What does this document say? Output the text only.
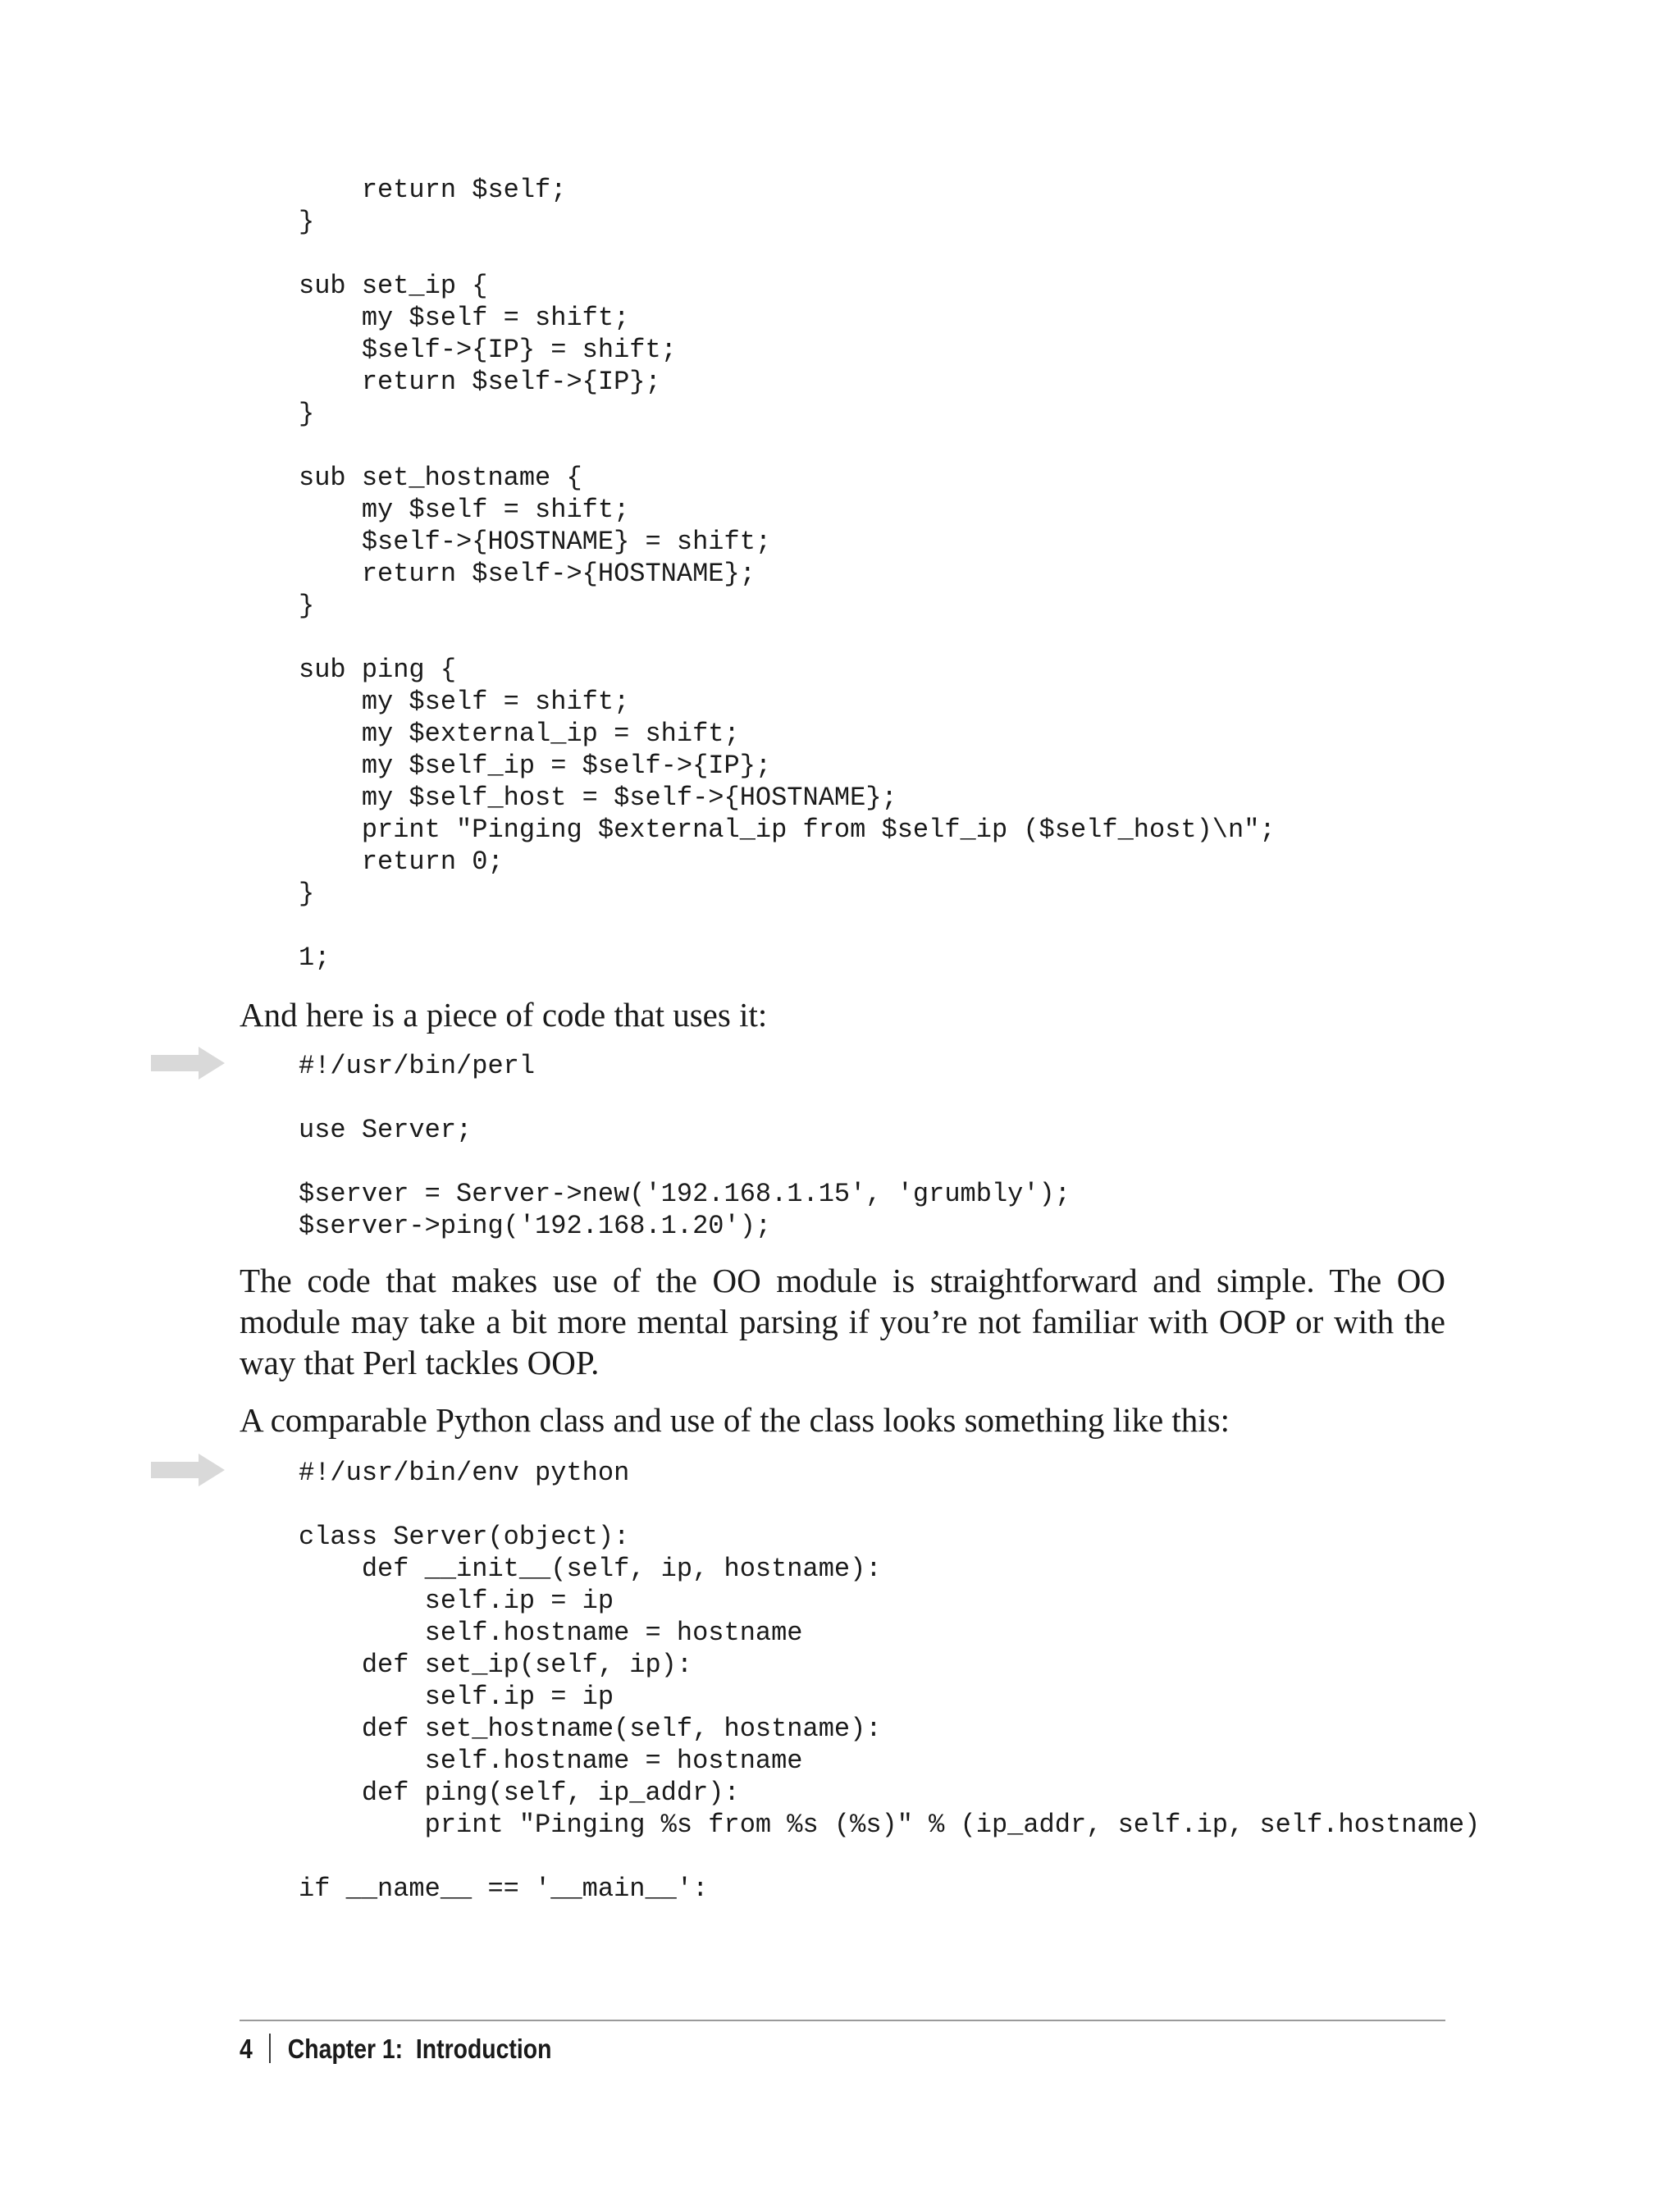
return $self;
}

sub set_ip {
my $self = shift;
$self->{IP} = shift;
return $self->{IP};
}

sub set_hostname {
my $self = shift;
$self->{HOSTNAME} = shift;
return $self->{HOSTNAME};
}

sub ping {
my $self = shift;
my $external_ip = shift;
my $self_ip = $self->{IP};
my $self_host = $self->{HOSTNAME};
print "Pinging $external_ip from $self_ip ($self_host)\n";
return 0;
}

1;

And here is a piece of code that uses it:

#!/usr/bin/perl

use Server;

$server = Server->new('192.168.1.15', 'grumbly');
$server->ping('192.168.1.20');

The code that makes use of the OO module is straightforward and simple. The OO module may take a bit more mental parsing if you’re not familiar with OOP or with the way that Perl tackles OOP.

A comparable Python class and use of the class looks something like this:

#!/usr/bin/env python

class Server(object):
def __init__(self, ip, hostname):
self.ip = ip
self.hostname = hostname
def set_ip(self, ip):
self.ip = ip
def set_hostname(self, hostname):
self.hostname = hostname
def ping(self, ip_addr):
print "Pinging %s from %s (%s)" % (ip_addr, self.ip, self.hostname)

if __name__ == '__main__':
4 Chapter 1:  Introduction
